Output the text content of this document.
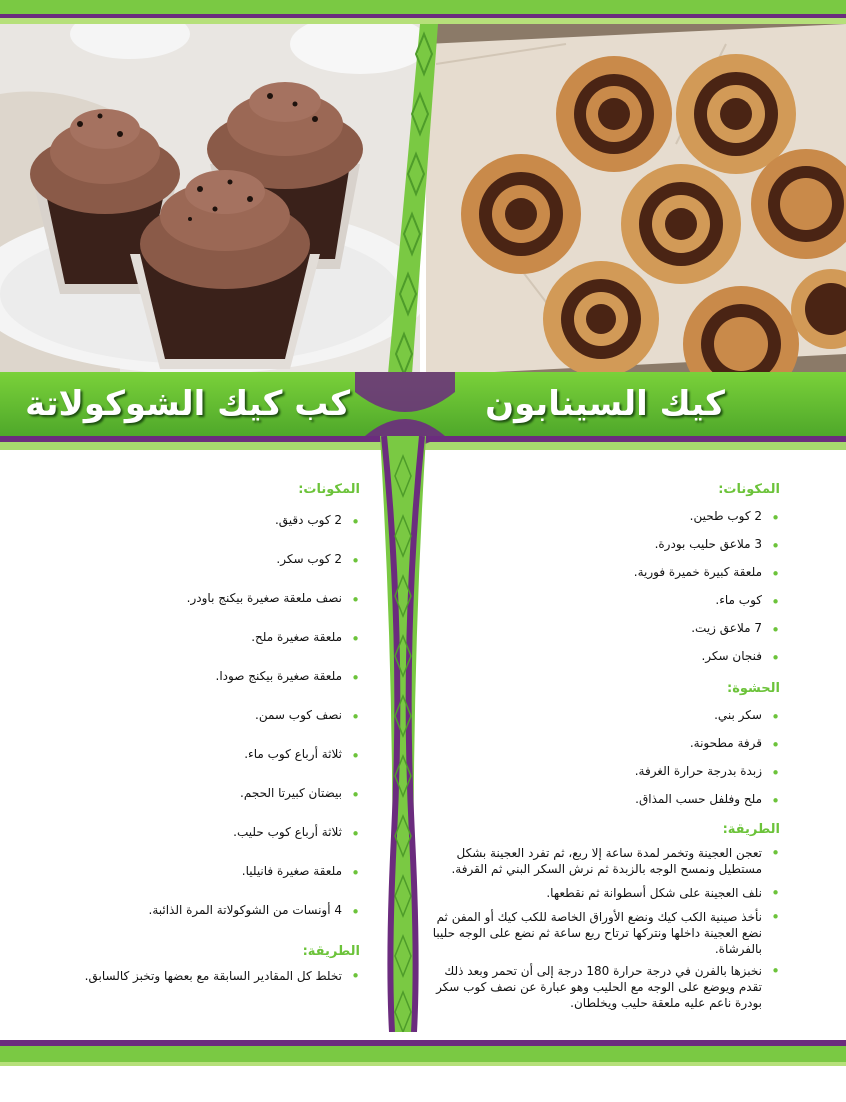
كب كيك الشوكولاتة	كيك السينابون

المكونات:

• 2 كوب دقيق.
• 2 كوب سكر.
• نصف ملعقة صغيرة بيكنج باودر.
• ملعقة صغيرة ملح.
• ملعقة صغيرة بيكنج صودا.
• نصف كوب سمن.
• ثلاثة أرباع كوب ماء.
• بيضتان كبيرتا الحجم.
• ثلاثة أرباع كوب حليب.
• ملعقة صغيرة فانيليا.
• 4 أونسات من الشوكولاتة المرة الذائبة.

الطريقة:

• تخلط كل المقادير السابقة مع بعضها وتخبز كالسابق.

المكونات:

• 2 كوب طحين.
• 3 ملاعق حليب بودرة.
• ملعقة كبيرة خميرة فورية.
• كوب ماء.
• 7 ملاعق زيت.
• فنجان سكر.

الحشوة:

• سكر بني.
• قرفة مطحونة.
• زبدة بدرجة حرارة الغرفة.
• ملح وفلفل حسب المذاق.

الطريقة:

• تعجن العجينة وتخمر لمدة ساعة إلا ربع، ثم تفرد العجينة بشكل مستطيل ونمسح الوجه بالزبدة ثم نرش السكر البني ثم القرفة.
• نلف العجينة على شكل أسطوانة ثم نقطعها.
• نأخذ صينية الكب كيك ونضع الأوراق الخاصة للكب كيك أو المفن ثم نضع العجينة داخلها ونتركها ترتاح ربع ساعة ثم نضع على الوجه حليبا بالفرشاة.
• نخبزها بالفرن في درجة حرارة 180 درجة إلى أن تحمر وبعد ذلك تقدم ويوضع على الوجه مع الحليب وهو عبارة عن نصف كوب سكر بودرة ناعم عليه ملعقة حليب ويخلطان.
